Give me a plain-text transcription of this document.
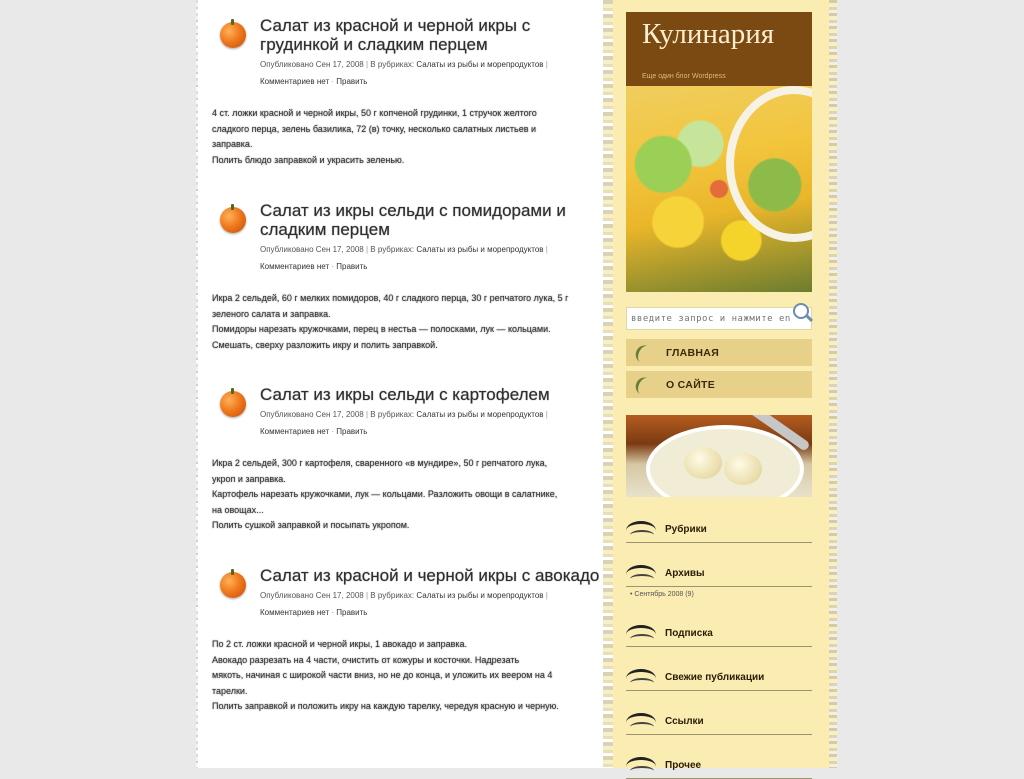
Салат из красной и черной икры с грудинкой и сладким перцем
Опубликовано Сен 17, 2008 | В рубриках: Салаты из рыбы и морепродуктов |
Комментариев нет · Править
4 ст. ложки красной и черной икры, 50 г копченой грудинки, 1 стручок желтого
сладкого перца, зелень базилика, 72 (в) точку, несколько салатных листьев и
заправка.
Полить блюдо заправкой и украсить зеленью.
Салат из икры сельди с помидорами и сладким перцем
Опубликовано Сен 17, 2008 | В рубриках: Салаты из рыбы и морепродуктов |
Комментариев нет · Править
Икра 2 сельдей, 60 г мелких помидоров, 40 г сладкого перца, 30 г репчатого лука, 5 г
зеленого салата и заправка.
Помидоры нарезать кружочками, перец в нестьа — полосками, лук — кольцами.
Смешать, сверху разложить икру и полить заправкой.
Салат из икры сельди с картофелем
Опубликовано Сен 17, 2008 | В рубриках: Салаты из рыбы и морепродуктов |
Комментариев нет · Править
Икра 2 сельдей, 300 г картофеля, сваренного «в мундире», 50 г репчатого лука,
укроп и заправка.
Картофель нарезать кружочками, лук — кольцами. Разложить овощи в салатнике,
на овощах...
Полить сушкой заправкой и посыпать укропом.
Салат из красной и черной икры с авокадо
Опубликовано Сен 17, 2008 | В рубриках: Салаты из рыбы и морепродуктов |
Комментариев нет · Править
По 2 ст. ложки красной и черной икры, 1 авокадо и заправка.
Авокадо разрезать на 4 части, очистить от кожуры и косточки. Надрезать
мякоть, начиная с широкой части вниз, но не до конца, и уложить их веером на 4
тарелки.
Полить заправкой и положить икру на каждую тарелку, чередуя красную и черную.
Кулинария
Еще один блог Wordpress
введите запрос и нажмите enter
ГЛАВНАЯ
О САЙТЕ
Рубрики
Архивы
• Сентябрь 2008 (9)
Подписка
Свежие публикации
Ссылки
Прочее
